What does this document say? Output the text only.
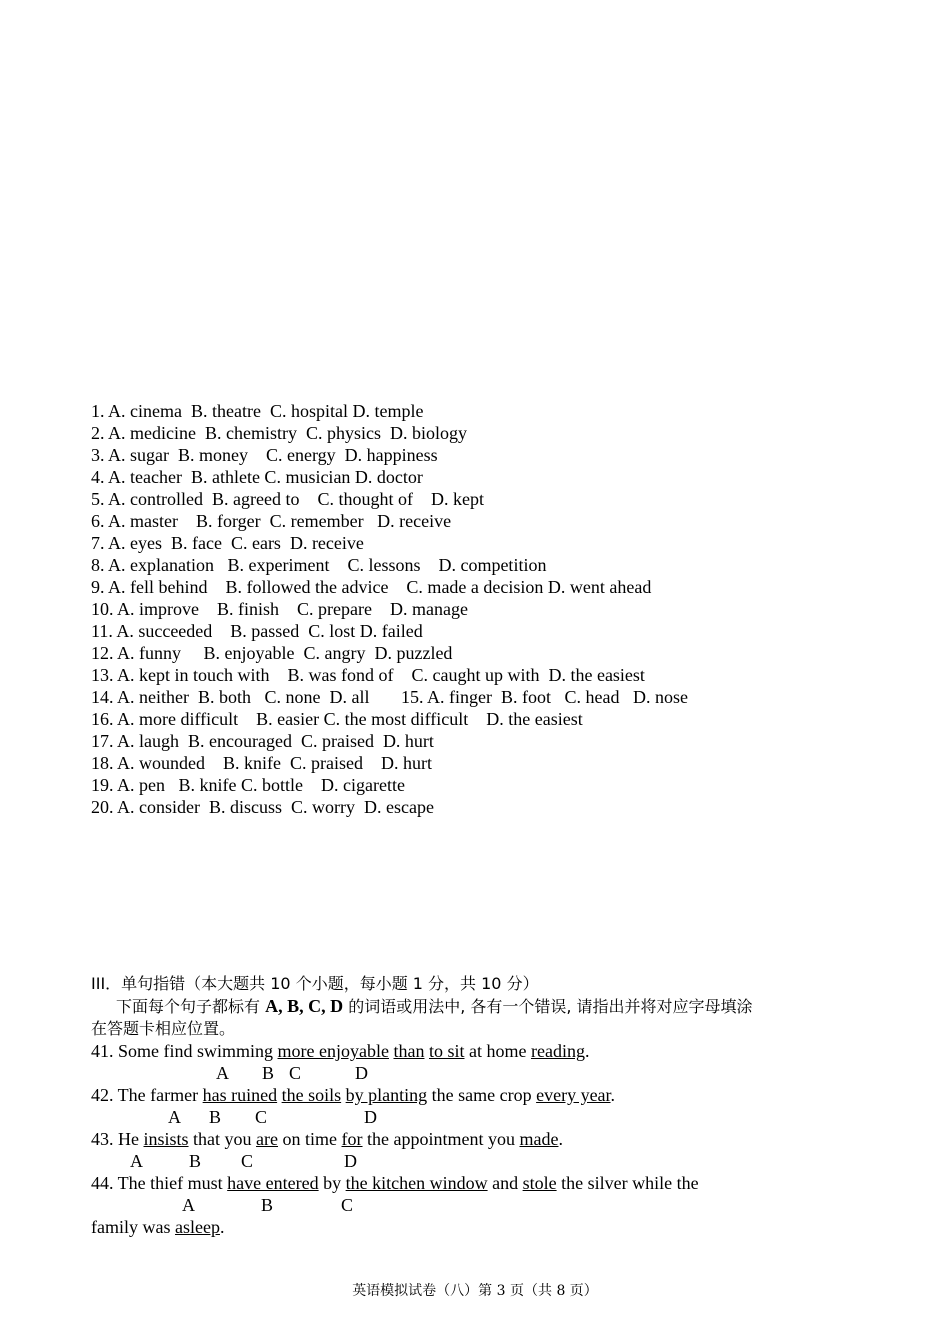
1. A. cinema  B. theatre  C. hospital D. temple
2. A. medicine  B. chemistry  C. physics  D. biology
3. A. sugar  B. money    C. energy  D. happiness
4. A. teacher  B. athlete C. musician D. doctor
5. A. controlled  B. agreed to    C. thought of    D. kept
6. A. master    B. forger  C. remember   D. receive
7. A. eyes  B. face  C. ears  D. receive
8. A. explanation   B. experiment    C. lessons    D. competition
9. A. fell behind    B. followed the advice    C. made a decision D. went ahead
10. A. improve    B. finish    C. prepare    D. manage
11. A. succeeded    B. passed  C. lost D. failed
12. A. funny     B. enjoyable  C. angry  D. puzzled
13. A. kept in touch with    B. was fond of    C. caught up with  D. the easiest
14. A. neither  B. both   C. none  D. all       15. A. finger  B. foot   C. head   D. nose
16. A. more difficult    B. easier C. the most difficult    D. the easiest
17. A. laugh  B. encouraged  C. praised  D. hurt
18. A. wounded    B. knife  C. praised    D. hurt
19. A. pen   B. knife C. bottle    D. cigarette
20. A. consider  B. discuss  C. worry  D. escape
III．单句指错（本大题共 10 个小题，每小题 1 分，共 10 分）
下面每个句子都标有 A, B, C, D 的词语或用法中, 各有一个错误, 请指出并将对应字母填涂
在答题卡相应位置。
41. Some find swimming more enjoyable than to sit at home reading.
A B C	D
42. The farmer has ruined the soils by planting the same crop every year.
A B C	D
43. He insists that you are on time for the appointment you made.
A	B C	D
44. The thief must have entered by the kitchen window and stole the silver while the
A	B	C
family was asleep.
英语模拟试卷（八）第 3 页（共 8 页）
